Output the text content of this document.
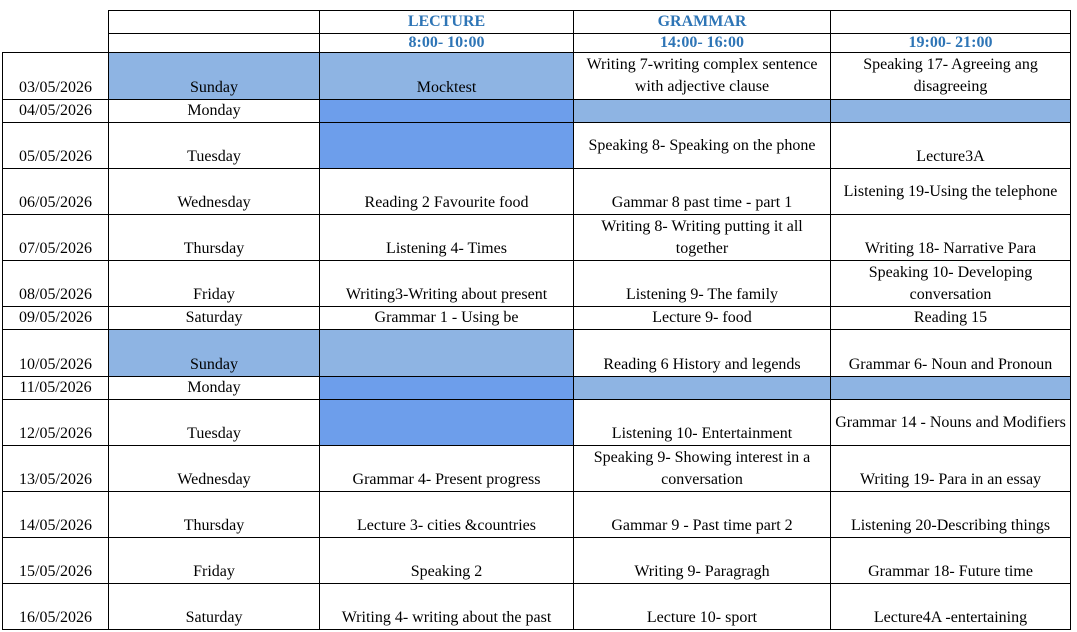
		LECTURE	GRAMMAR	
		8:00- 10:00	14:00- 16:00	19:00- 21:00
03/05/2026	Sunday	Mocktest	Writing 7-writing complex sentence with adjective clause	Speaking 17- Agreeing ang disagreeing
04/05/2026	Monday			
05/05/2026	Tuesday		Speaking 8- Speaking on the phone	Lecture3A
06/05/2026	Wednesday	Reading 2 Favourite food	Gammar 8 past time - part 1	Listening 19-Using the telephone
07/05/2026	Thursday	Listening 4- Times	Writing 8- Writing putting it all together	Writing 18- Narrative Para
08/05/2026	Friday	Writing3-Writing about present	Listening 9- The family	Speaking 10- Developing conversation
09/05/2026	Saturday	Grammar 1 - Using be	Lecture 9- food	Reading 15
10/05/2026	Sunday		Reading 6 History and legends	Grammar 6- Noun and Pronoun
11/05/2026	Monday			
12/05/2026	Tuesday		Listening 10- Entertainment	Grammar 14 - Nouns and Modifiers
13/05/2026	Wednesday	Grammar 4- Present progress	Speaking 9- Showing interest in a conversation	Writing 19- Para in an essay
14/05/2026	Thursday	Lecture 3- cities &countries	Gammar 9 - Past time part 2	Listening 20-Describing things
15/05/2026	Friday	Speaking 2	Writing 9- Paragragh	Grammar 18- Future time
16/05/2026	Saturday	Writing 4- writing about the past	Lecture 10- sport	Lecture4A -entertaining
